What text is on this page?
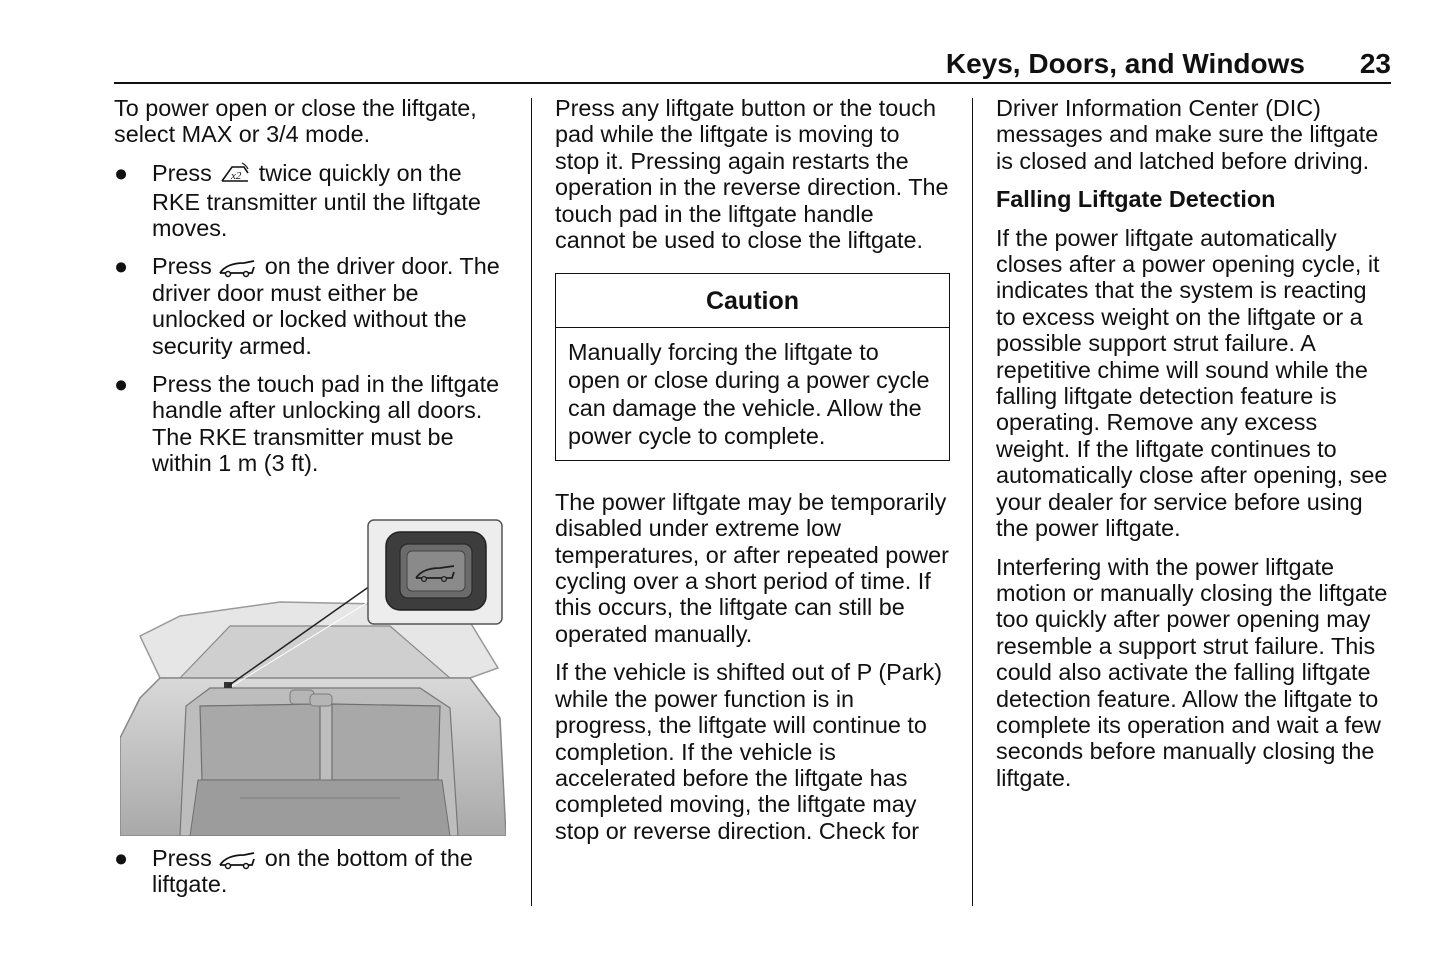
Keys, Doors, and Windows 23

To power open or close the liftgate, select MAX or 3/4 mode.

● Press x2 twice quickly on the RKE transmitter until the liftgate moves.
● Press on the driver door. The driver door must either be unlocked or locked without the security armed.
● Press the touch pad in the liftgate handle after unlocking all doors. The RKE transmitter must be within 1 m (3 ft).
● Press on the bottom of the liftgate.

Press any liftgate button or the touch pad while the liftgate is moving to stop it. Pressing again restarts the operation in the reverse direction. The touch pad in the liftgate handle cannot be used to close the liftgate.

Caution
Manually forcing the liftgate to open or close during a power cycle can damage the vehicle. Allow the power cycle to complete.

The power liftgate may be temporarily disabled under extreme low temperatures, or after repeated power cycling over a short period of time. If this occurs, the liftgate can still be operated manually.

If the vehicle is shifted out of P (Park) while the power function is in progress, the liftgate will continue to completion. If the vehicle is accelerated before the liftgate has completed moving, the liftgate may stop or reverse direction. Check for

Driver Information Center (DIC) messages and make sure the liftgate is closed and latched before driving.

Falling Liftgate Detection

If the power liftgate automatically closes after a power opening cycle, it indicates that the system is reacting to excess weight on the liftgate or a possible support strut failure. A repetitive chime will sound while the falling liftgate detection feature is operating. Remove any excess weight. If the liftgate continues to automatically close after opening, see your dealer for service before using the power liftgate.

Interfering with the power liftgate motion or manually closing the liftgate too quickly after power opening may resemble a support strut failure. This could also activate the falling liftgate detection feature. Allow the liftgate to complete its operation and wait a few seconds before manually closing the liftgate.
